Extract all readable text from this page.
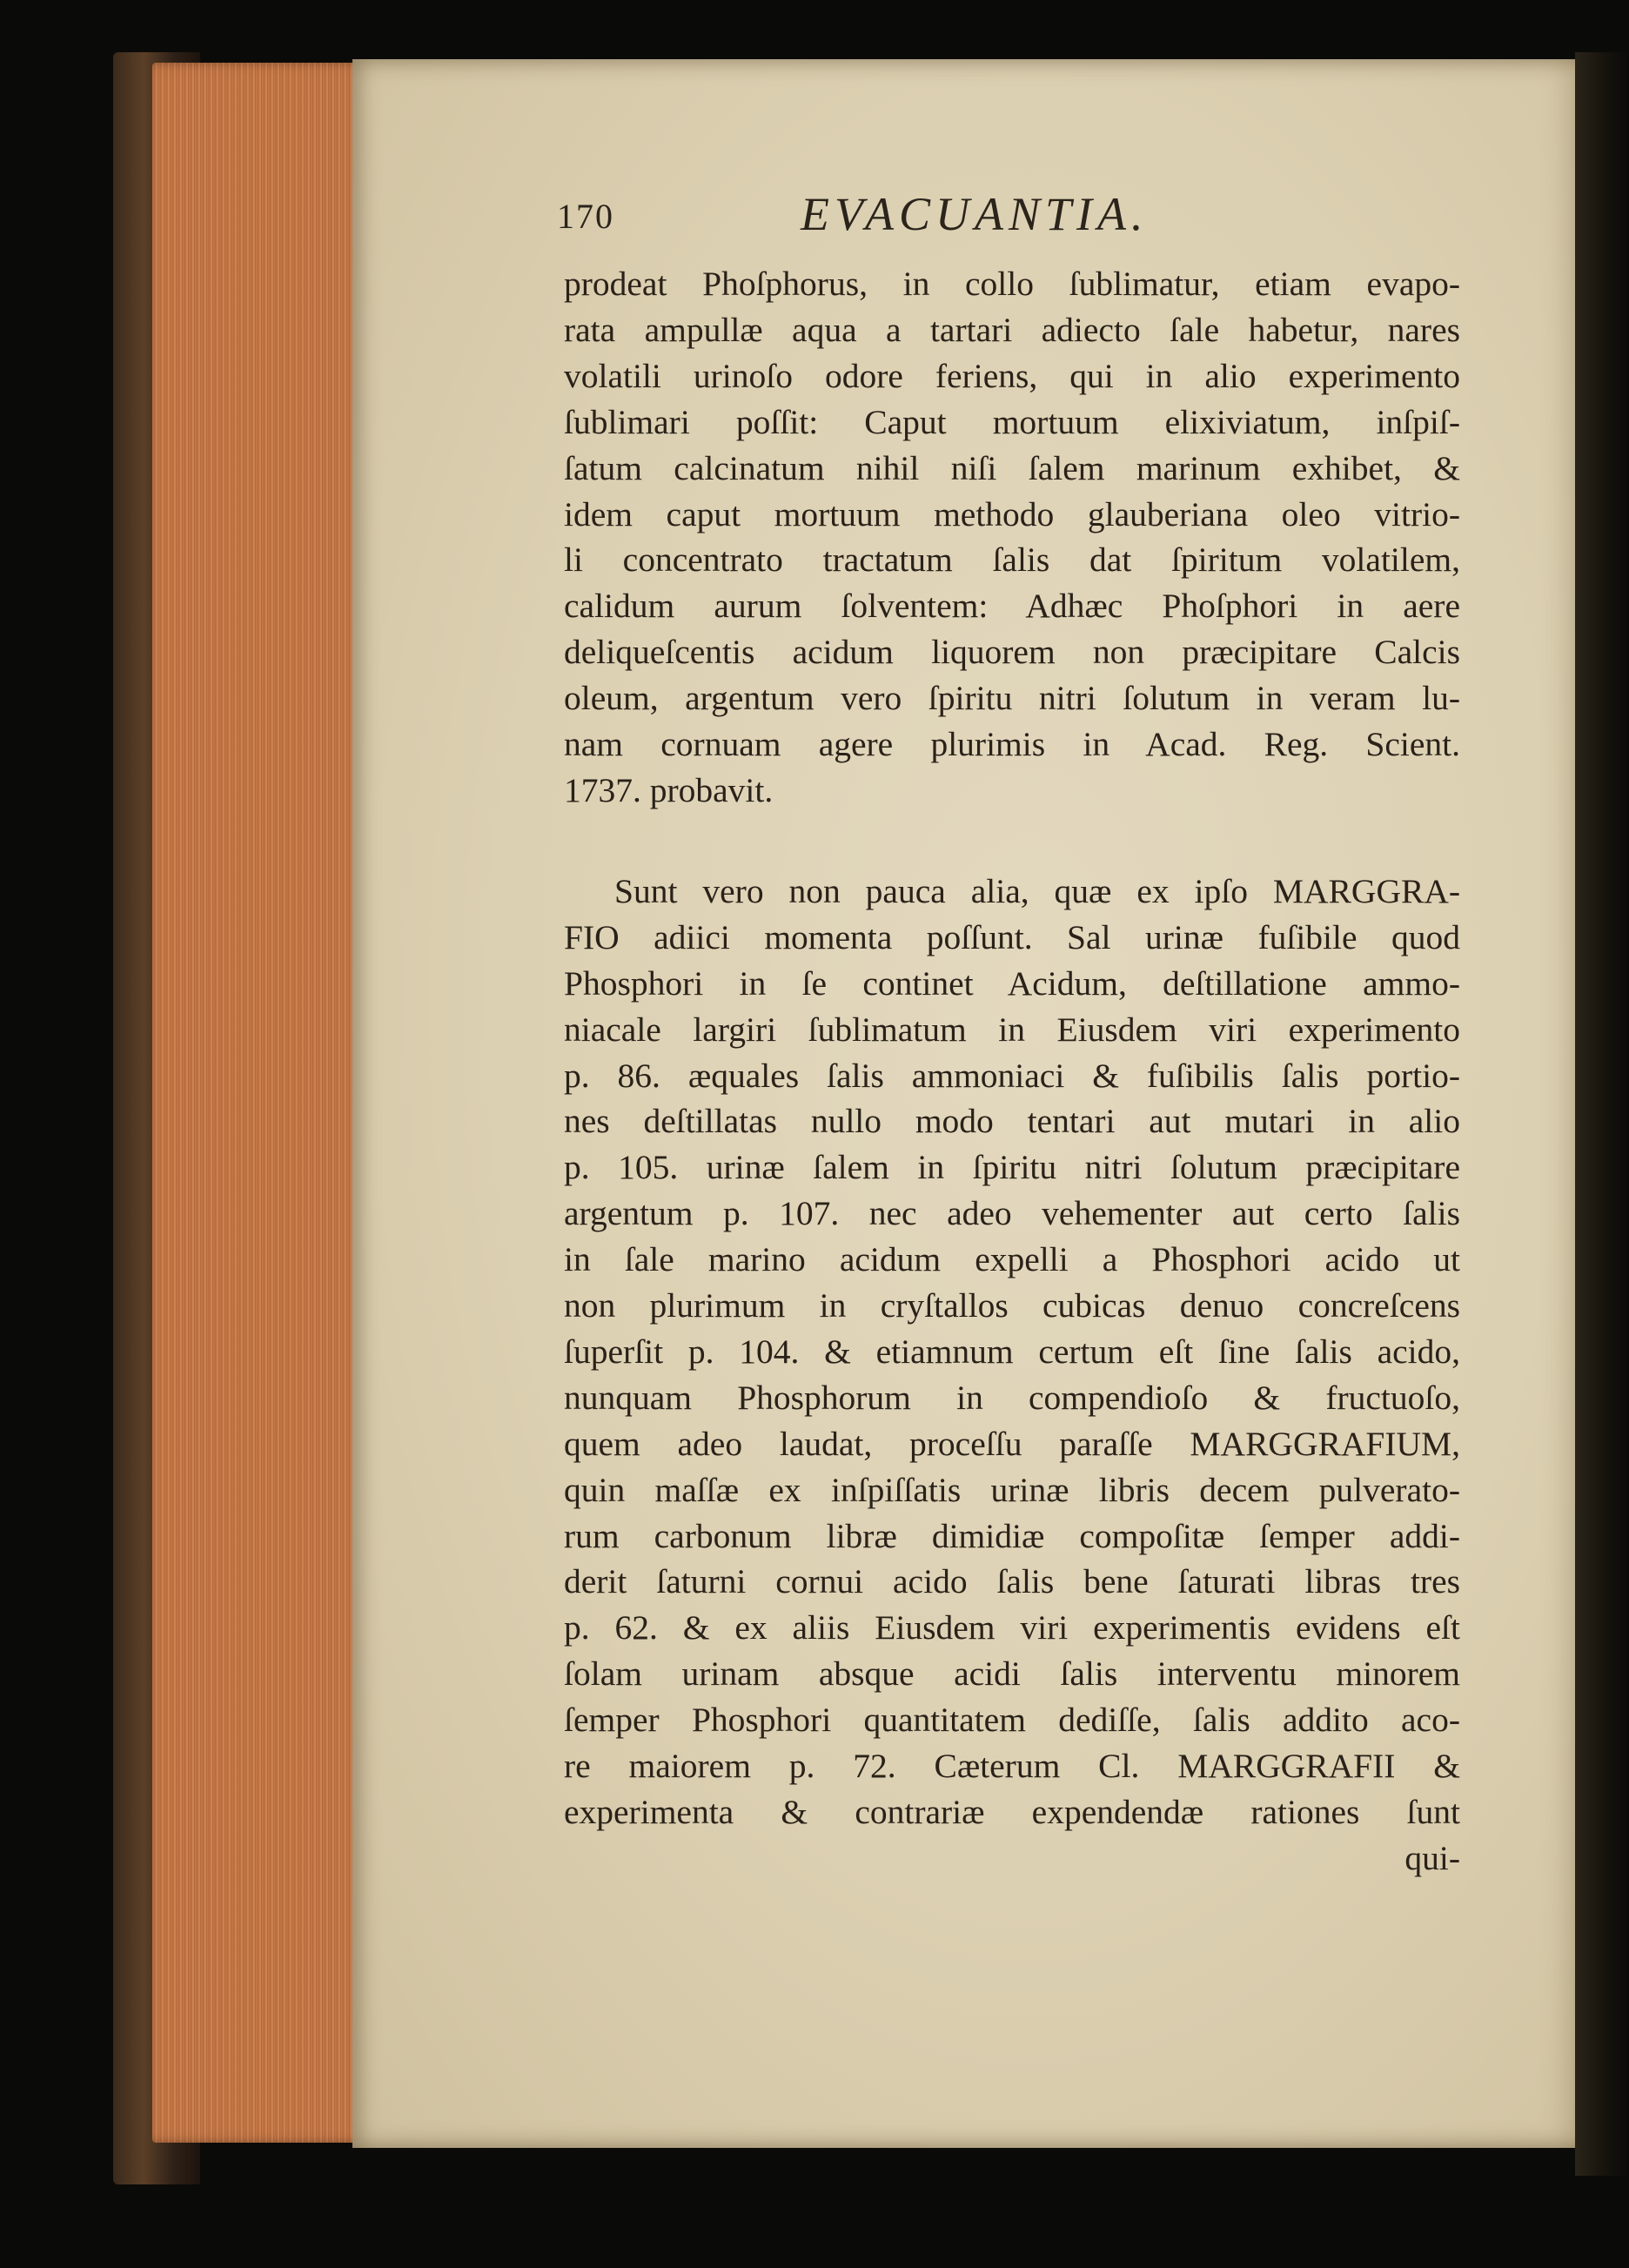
170	EVACUANTIA.
prodeat Phoſphorus, in collo ſublimatur, etiam evapo-
rata ampullæ aqua a tartari adiecto ſale habetur, nares
volatili urinoſo odore feriens, qui in alio experimento
ſublimari poſſit: Caput mortuum elixiviatum, inſpiſ-
ſatum calcinatum nihil niſi ſalem marinum exhibet, &
idem caput mortuum methodo glauberiana oleo vitrio-
li concentrato tractatum ſalis dat ſpiritum volatilem,
calidum aurum ſolventem: Adhæc Phoſphori in aere
deliqueſcentis acidum liquorem non præcipitare Calcis
oleum, argentum vero ſpiritu nitri ſolutum in veram lu-
nam cornuam agere plurimis in Acad. Reg. Scient.
1737. probavit.
Sunt vero non pauca alia, quæ ex ipſo MARGGRA-
FIO adiici momenta poſſunt. Sal urinæ fuſibile quod
Phosphori in ſe continet Acidum, deſtillatione ammo-
niacale largiri ſublimatum in Eiusdem viri experimento
p. 86. æquales ſalis ammoniaci & fuſibilis ſalis portio-
nes deſtillatas nullo modo tentari aut mutari in alio
p. 105. urinæ ſalem in ſpiritu nitri ſolutum præcipitare
argentum p. 107. nec adeo vehementer aut certo ſalis
in ſale marino acidum expelli a Phosphori acido ut
non plurimum in cryſtallos cubicas denuo concreſcens
ſuperſit p. 104. & etiamnum certum eſt ſine ſalis acido,
nunquam Phosphorum in compendioſo & fructuoſo,
quem adeo laudat, proceſſu paraſſe MARGGRAFIUM,
quin maſſæ ex inſpiſſatis urinæ libris decem pulverato-
rum carbonum libræ dimidiæ compoſitæ ſemper addi-
derit ſaturni cornui acido ſalis bene ſaturati libras tres
p. 62. & ex aliis Eiusdem viri experimentis evidens eſt
ſolam urinam absque acidi ſalis interventu minorem
ſemper Phosphori quantitatem dediſſe, ſalis addito aco-
re maiorem p. 72. Cæterum Cl. MARGGRAFII &
experimenta & contrariæ expendendæ rationes ſunt
qui-
